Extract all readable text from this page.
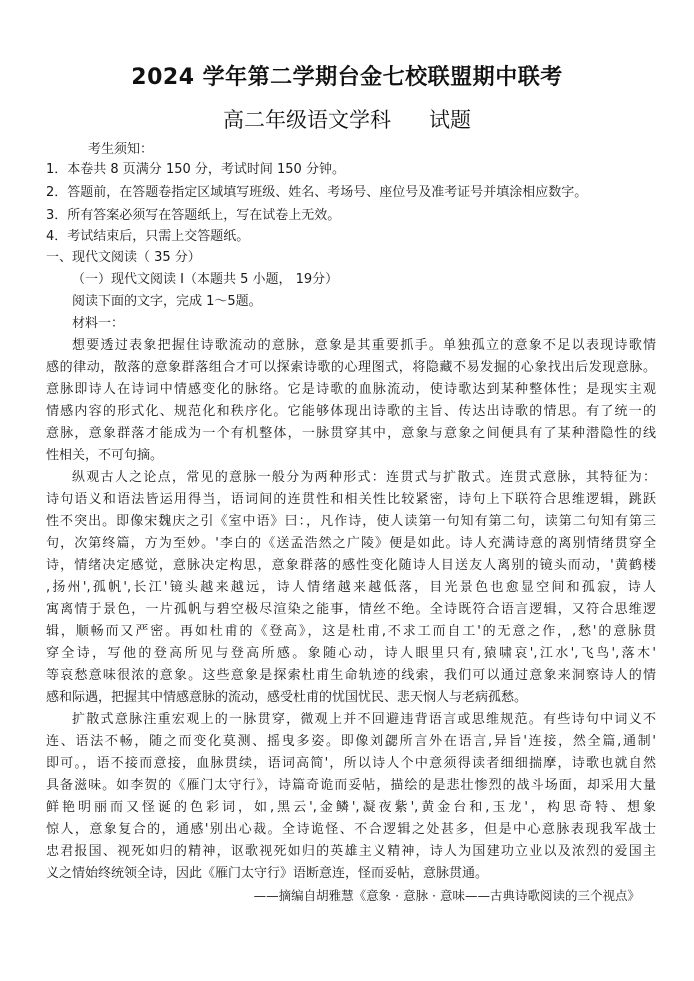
2024 学年第二学期台金七校联盟期中联考
高二年级语文学科 试题
考生须知：
1．本卷共 8 页满分 150 分，考试时间 150 分钟。
2．答题前，在答题卷指定区域填写班级、姓名、考场号、座位号及准考证号并填涂相应数字。
3．所有答案必须写在答题纸上，写在试卷上无效。
4．考试结束后，只需上交答题纸。
一、现代文阅读（ 35 分）
（一）现代文阅读 I（本题共 5 小题， 19分）
阅读下面的文字，完成 1～5题。
材料一：
想要透过表象把握住诗歌流动的意脉，意象是其重要抓手。单独孤立的意象不足以表现诗歌情
感的律动，散落的意象群落组合才可以探索诗歌的心理图式，将隐藏不易发掘的心象找出后发现意脉。
意脉即诗人在诗词中情感变化的脉络。它是诗歌的血脉流动，使诗歌达到某种整体性；是现实主观
情感内容的形式化、规范化和秩序化。它能够体现出诗歌的主旨、传达出诗歌的情思。有了统一的
意脉，意象群落才能成为一个有机整体，一脉贯穿其中，意象与意象之间便具有了某种潜隐性的线
性相关，不可句摘。
纵观古人之论点，常见的意脉一般分为两种形式：连贯式与扩散式。连贯式意脉，其特征为：
诗句语义和语法皆运用得当，语词间的连贯性和相关性比较紧密，诗句上下联符合思维逻辑，跳跃
性不突出。即像宋魏庆之引《室中语》曰：，凡作诗，使人读第一句知有第二句，读第二句知有第三
句，次第终篇，方为至妙。'李白的《送孟浩然之广陵》便是如此。诗人充满诗意的离别情绪贯穿全
诗，情绪决定感觉，意脉决定构思，意象群落的感性变化随诗人目送友人离别的镜头而动，'黄鹤楼
,扬州',孤帆',长江'镜头越来越远，诗人情绪越来越低落，目光景色也愈显空间和孤寂，诗人
寓离情于景色，一片孤帆与碧空极尽渲染之能事，情丝不绝。全诗既符合语言逻辑，又符合思维逻
辑，顺畅而又严密。再如杜甫的《登高》，这是杜甫,不求工而自工'的无意之作，,愁'的意脉贯
穿全诗，写他的登高所见与登高所感。象随心动，诗人眼里只有,猿啸哀',江水',飞鸟',落木'
等哀愁意味很浓的意象。这些意象是探索杜甫生命轨迹的线索，我们可以通过意象来洞察诗人的情
感和际遇，把握其中情感意脉的流动，感受杜甫的忧国忧民、悲天悯人与老病孤愁。
扩散式意脉注重宏观上的一脉贯穿，微观上并不回避违背语言或思维规范。有些诗句中词义不
连、语法不畅，随之而变化莫测、摇曳多姿。即像刘勰所言外在语言,异旨'连接，然全篇,通制'
即可。，语不接而意接，血脉贯续，语词高简'，所以诗人个中意须得读者细细揣摩，诗歌也就自然
具备滋味。如李贺的《雁门太守行》，诗篇奇诡而妥帖，描绘的是悲壮惨烈的战斗场面，却采用大量
鲜艳明丽而又怪诞的色彩词，如,黑云',金鳞',凝夜紫',黄金台和,玉龙'，构思奇特、想象
惊人，意象复合的，通感'别出心裁。全诗诡怪、不合逻辑之处甚多，但是中心意脉表现我军战士
忠君报国、视死如归的精神，讴歌视死如归的英雄主义精神，诗人为国建功立业以及浓烈的爱国主
义之情始终统领全诗，因此《雁门太守行》语断意连，怪而妥帖，意脉贯通。
——摘编自胡雅慧《意象 · 意脉 · 意味——古典诗歌阅读的三个视点》
